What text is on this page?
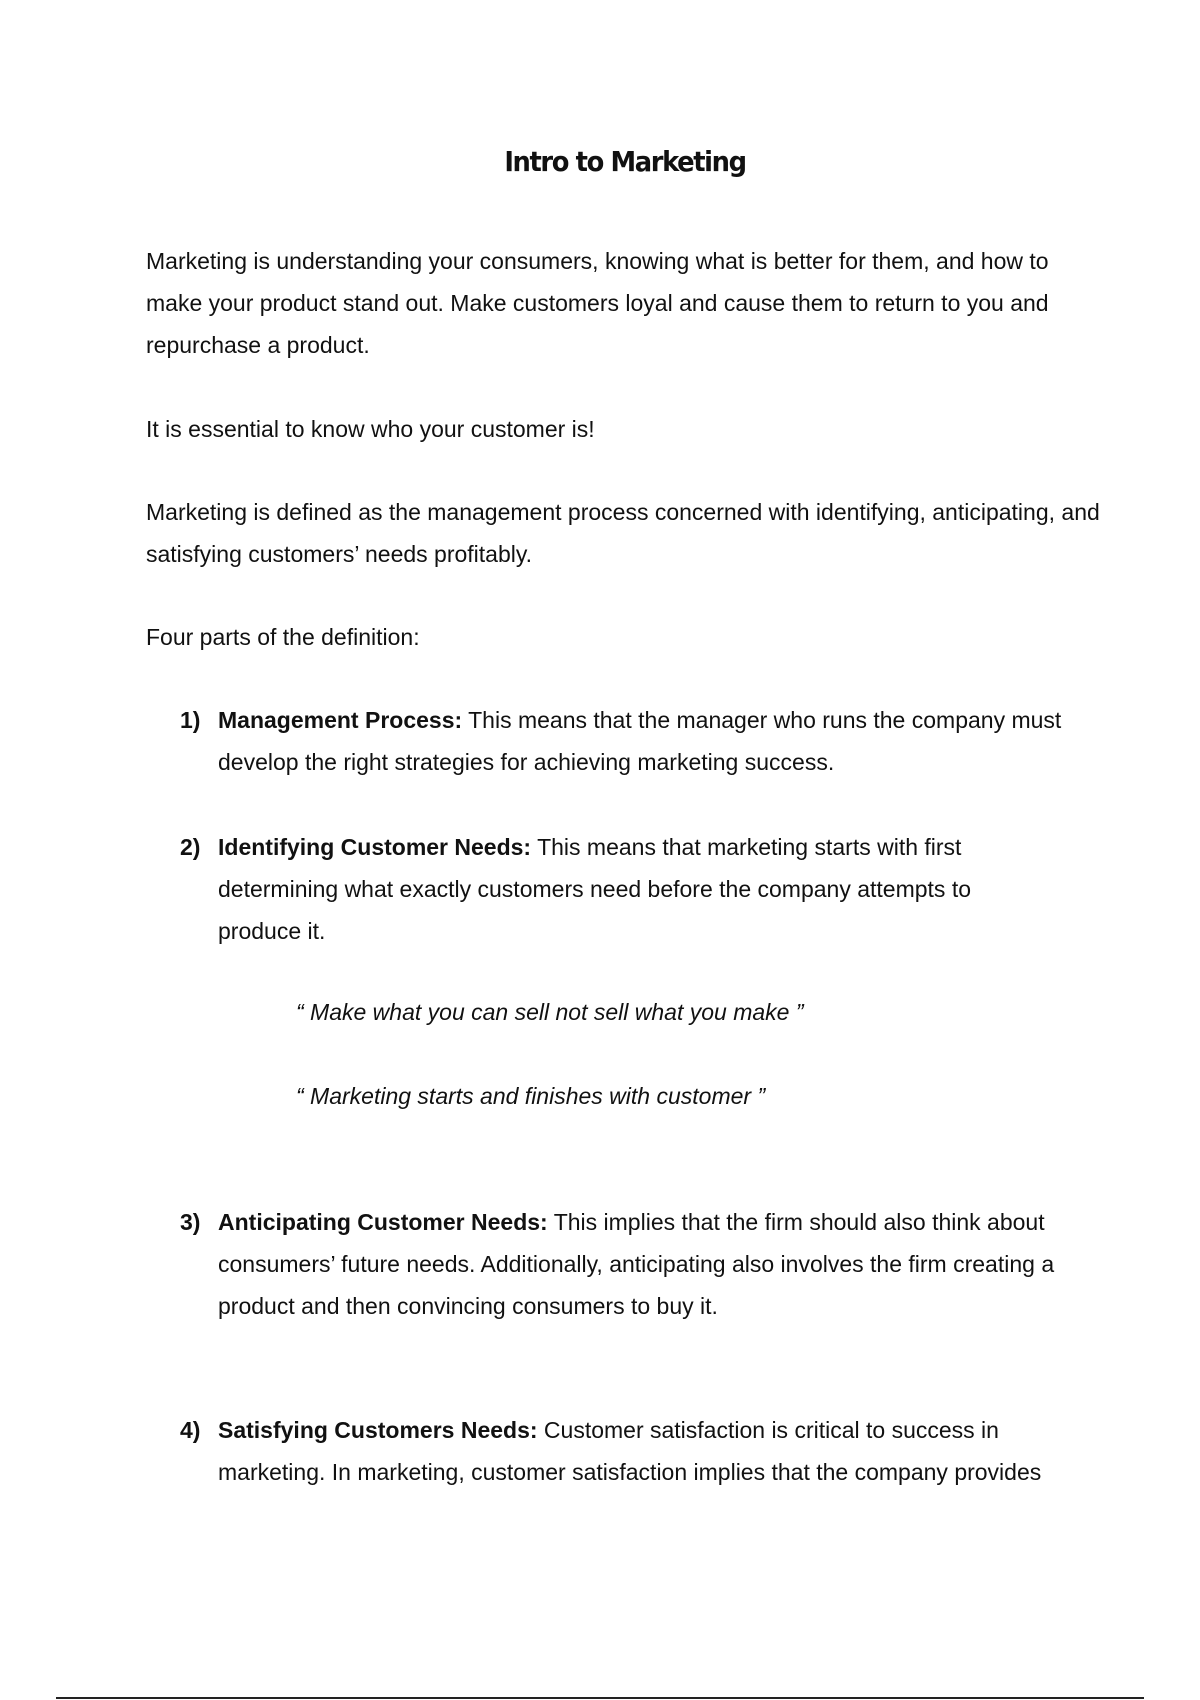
Intro to Marketing

Marketing is understanding your consumers, knowing what is better for them, and how to make your product stand out. Make customers loyal and cause them to return to you and repurchase a product.

It is essential to know who your customer is!

Marketing is defined as the management process concerned with identifying, anticipating, and satisfying customers’ needs profitably.

Four parts of the definition:

1) Management Process: This means that the manager who runs the company must develop the right strategies for achieving marketing success.
2) Identifying Customer Needs: This means that marketing starts with first determining what exactly customers need before the company attempts to produce it.

“ Make what you can sell not sell what you make ”

“ Marketing starts and finishes with customer ”

3) Anticipating Customer Needs: This implies that the firm should also think about consumers’ future needs. Additionally, anticipating also involves the firm creating a product and then convincing consumers to buy it.
4) Satisfying Customers Needs: Customer satisfaction is critical to success in marketing. In marketing, customer satisfaction implies that the company provides
